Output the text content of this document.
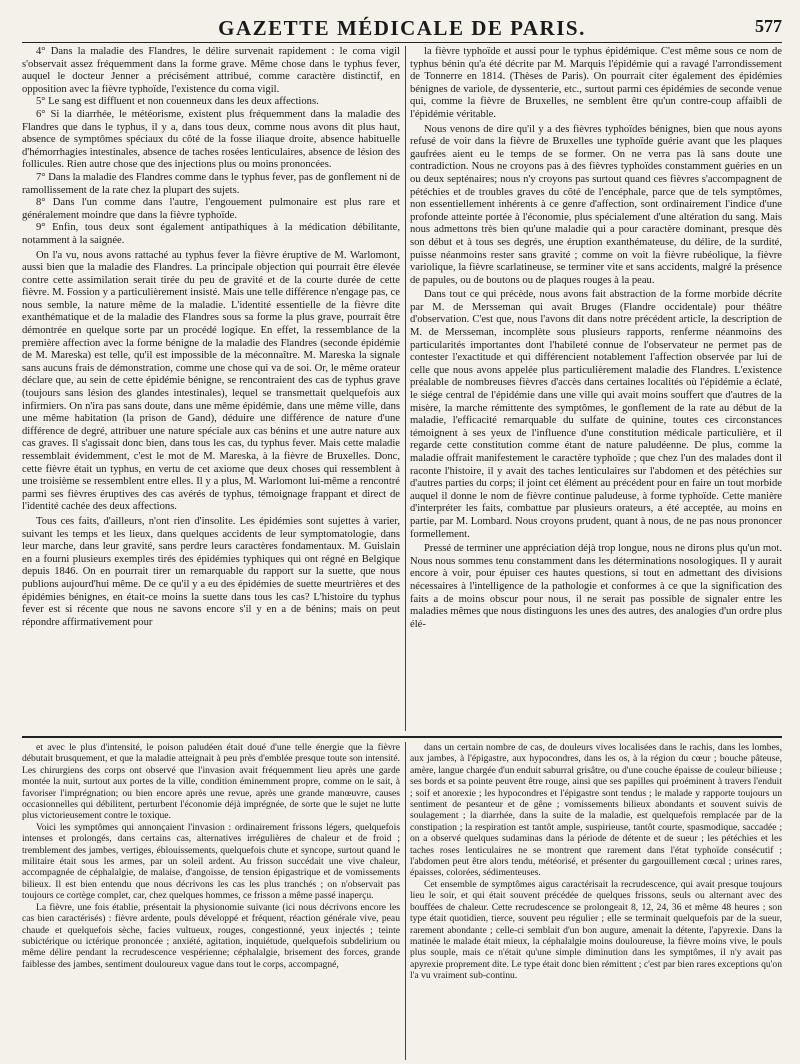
GAZETTE MÉDICALE DE PARIS.	577

4° Dans la maladie des Flandres, le délire survenait rapidement : le coma vigil s'observait assez fréquemment dans la forme grave. Même chose dans le typhus fever, auquel le docteur Jenner a précisément attribué, comme caractère distinctif, en opposition avec la fièvre typhoïde, l'existence du coma vigil.

5° Le sang est diffluent et non couenneux dans les deux affections.

6° Si la diarrhée, le météorisme, existent plus fréquemment dans la maladie des Flandres que dans le typhus, il y a, dans tous deux, comme nous avons dit plus haut, absence de symptômes spéciaux du côté de la fosse iliaque droite, absence habituelle d'hémorrhagies intestinales, absence de taches rosées lenticulaires, absence de lésion des follicules. Rien autre chose que des injections plus ou moins prononcées.

7° Dans la maladie des Flandres comme dans le typhus fever, pas de gonflement ni de ramollissement de la rate chez la plupart des sujets.

8° Dans l'un comme dans l'autre, l'engouement pulmonaire est plus rare et généralement moindre que dans la fièvre typhoïde.

9° Enfin, tous deux sont également antipathiques à la médication débilitante, notamment à la saignée.

On l'a vu, nous avons rattaché au typhus fever la fièvre éruptive de M. Warlomont, aussi bien que la maladie des Flandres. La principale objection qui pourrait être élevée contre cette assimilation serait tirée du peu de gravité et de la courte durée de cette fièvre. M. Fossion y a particulièrement insisté. Mais une telle différence n'engage pas, ce nous semble, la nature même de la maladie. L'identité essentielle de la fièvre dite exanthématique et de la maladie des Flandres sous sa forme la plus grave, pourrait être démontrée en quelque sorte par un procédé logique. En effet, la ressemblance de la première affection avec la forme bénigne de la maladie des Flandres (seconde épidémie de M. Mareska) est telle, qu'il est impossible de la méconnaître. M. Mareska la signale sans aucuns frais de démonstration, comme une chose qui va de soi. Or, le même orateur déclare que, au sein de cette épidémie bénigne, se rencontraient des cas de typhus grave (toujours sans lésion des glandes intestinales), lequel se transmettait quelquefois aux infirmiers. On n'ira pas sans doute, dans une même épidémie, dans une même ville, dans une même habitation (la prison de Gand), déduire une différence de nature d'une différence de degré, attribuer une nature spéciale aux cas bénins et une autre nature aux cas graves. Il s'agissait donc bien, dans tous les cas, du typhus fever. Mais cette maladie ressemblait évidemment, c'est le mot de M. Mareska, à la fièvre de Bruxelles. Donc, cette fièvre était un typhus, en vertu de cet axiome que deux choses qui ressemblent à une troisième se ressemblent entre elles. Il y a plus, M. Warlomont lui-même a rencontré parmi ses fièvres éruptives des cas avérés de typhus, témoignage frappant et direct de l'identité cachée des deux affections.

Tous ces faits, d'ailleurs, n'ont rien d'insolite. Les épidémies sont sujettes à varier, suivant les temps et les lieux, dans quelques accidents de leur symptomatologie, dans leur marche, dans leur gravité, sans perdre leurs caractères fondamentaux. M. Guislain en a fourni plusieurs exemples tirés des épidémies typhiques qui ont régné en Belgique depuis 1846. On en pourrait tirer un remarquable du rapport sur la suette, que nous publions aujourd'hui même. De ce qu'il y a eu des épidémies de suette meurtrières et des épidémies bénignes, en était-ce moins la suette dans tous les cas? L'histoire du typhus fever est si récente que nous ne savons encore s'il y en a de bénins; mais on peut répondre affirmativement pour

la fièvre typhoïde et aussi pour le typhus épidémique. C'est même sous ce nom de typhus bénin qu'a été décrite par M. Marquis l'épidémie qui a ravagé l'arrondissement de Tonnerre en 1814. (Thèses de Paris). On pourrait citer également des épidémies bénignes de variole, de dyssenterie, etc., surtout parmi ces épidémies de seconde venue qui, comme la fièvre de Bruxelles, ne semblent être qu'un contre-coup affaibli de l'épidémie véritable.

Nous venons de dire qu'il y a des fièvres typhoïdes bénignes, bien que nous ayons refusé de voir dans la fièvre de Bruxelles une typhoïde guérie avant que les plaques gaufrées aient eu le temps de se former. On ne verra pas là sans doute une contradiction. Nous ne croyons pas à des fièvres typhoïdes constamment guéries en un ou deux septénaires; nous n'y croyons pas surtout quand ces fièvres s'accompagnent de pétéchies et de troubles graves du côté de l'encéphale, parce que de tels symptômes, non essentiellement inhérents à ce genre d'affection, sont ordinairement l'indice d'une profonde atteinte portée à l'économie, plus spécialement d'une altération du sang. Mais nous admettons très bien qu'une maladie qui a pour caractère dominant, presque dès son début et à tous ses degrés, une éruption exanthémateuse, du délire, de la surdité, puisse néanmoins rester sans gravité ; comme on voit la fièvre rubéolique, la fièvre variolique, la fièvre scarlatineuse, se terminer vite et sans accidents, malgré la présence de papules, ou de boutons ou de plaques rouges à la peau.

Dans tout ce qui précède, nous avons fait abstraction de la forme morbide décrite par M. de Mersseman qui avait Bruges (Flandre occidentale) pour théâtre d'observation. C'est que, nous l'avons dit dans notre précédent article, la description de M. de Mersseman, incomplète sous plusieurs rapports, renferme néanmoins des particularités importantes dont l'habileté connue de l'observateur ne permet pas de contester l'exactitude et qui différencient notablement l'affection observée par lui de celle que nous avons appelée plus particulièrement maladie des Flandres. L'existence préalable de nombreuses fièvres d'accès dans certaines localités où l'épidémie a éclaté, le siége central de l'épidémie dans une ville qui avait moins souffert que d'autres de la misère, la marche rémittente des symptômes, le gonflement de la rate au début de la maladie, l'efficacité remarquable du sulfate de quinine, toutes ces circonstances témoignent à ses yeux de l'influence d'une constitution médicale particulière, et il regarde cette constitution comme étant de nature paludéenne. De plus, comme la maladie offrait manifestement le caractère typhoïde ; que chez l'un des malades dont il raconte l'histoire, il y avait des taches lenticulaires sur l'abdomen et des pétéchies sur d'autres parties du corps; il joint cet élément au précédent pour en faire un tout morbide auquel il donne le nom de fièvre continue paludeuse, à forme typhoïde. Cette manière d'interpréter les faits, combattue par plusieurs orateurs, a été acceptée, au moins en partie, par M. Lombard. Nous croyons prudent, quant à nous, de ne pas nous prononcer formellement.

Pressé de terminer une appréciation déjà trop longue, nous ne dirons plus qu'un mot. Nous nous sommes tenu constamment dans les déterminations nosologiques. Il y aurait encore à voir, pour épuiser ces hautes questions, si tout en admettant des divisions nécessaires à l'intelligence de la pathologie et conformes à ce que la signification des faits a de moins obscur pour nous, il ne serait pas possible de signaler entre les maladies mêmes que nous distinguons les unes des autres, des analogies d'un ordre plus élé-

et avec le plus d'intensité, le poison paludéen était doué d'une telle énergie que la fièvre débutait brusquement, et que la maladie atteignait à peu près d'emblée presque toute son intensité. Les chirurgiens des corps ont observé que l'invasion avait fréquemment lieu après une garde montée la nuit, surtout aux portes de la ville, condition éminemment propre, comme on le sait, à favoriser l'imprégnation; ou bien encore après une revue, après une grande manœuvre, causes occasionnelles qui débilitent, perturbent l'économie déjà imprégnée, de sorte que le sujet ne lutte plus victorieusement contre le toxique.

Voici les symptômes qui annonçaient l'invasion : ordinairement frissons légers, quelquefois intenses et prolongés, dans certains cas, alternatives irrégulières de chaleur et de froid ; tremblement des jambes, vertiges, éblouissements, quelquefois chute et syncope, surtout quand le militaire était sous les armes, par un soleil ardent. Au frisson succédait une vive chaleur, accompagnée de céphalalgie, de malaise, d'angoisse, de tension épigastrique et de vomissements bilieux. Il est bien entendu que nous décrivons les cas les plus tranchés ; on n'observait pas toujours ce cortège complet, car, chez quelques hommes, ce frisson a même passé inaperçu.

La fièvre, une fois établie, présentait la physionomie suivante (ici nous décrivons encore les cas bien caractérisés) : fièvre ardente, pouls développé et fréquent, réaction générale vive, peau chaude et quelquefois sèche, facies vultueux, rouges, congestionné, yeux injectés ; teinte subictérique ou ictérique prononcée ; anxiété, agitation, inquiétude, quelquefois subdelirium ou même délire pendant la recrudescence vespérienne; céphalalgie, brisement des forces, grande faiblesse des jambes, sentiment douloureux vague dans tout le corps, accompagné,

dans un certain nombre de cas, de douleurs vives localisées dans le rachis, dans les lombes, aux jambes, à l'épigastre, aux hypocondres, dans les os, à la région du cœur ; bouche pâteuse, amère, langue chargée d'un enduit saburral grisâtre, ou d'une couche épaisse de couleur bilieuse ; ses bords et sa pointe peuvent être rouge, ainsi que ses papilles qui proéminent à travers l'enduit ; soif et anorexie ; les hypocondres et l'épigastre sont tendus ; le malade y rapporte toujours un sentiment de pesanteur et de gêne ; vomissements bilieux abondants et souvent suivis de soulagement ; la diarrhée, dans la suite de la maladie, est quelquefois remplacée par de la constipation ; la respiration est tantôt ample, suspirieuse, tantôt courte, spasmodique, saccadée ; on a observé quelques sudaminas dans la période de détente et de sueur ; les pétéchies et les taches roses lenticulaires ne se montrent que rarement dans l'état typhoïde consécutif ; l'abdomen peut être alors tendu, météorisé, et présenter du gargouillement cœcal ; urines rares, épaisses, colorées, sédimenteuses.

Cet ensemble de symptômes aigus caractérisait la recrudescence, qui avait presque toujours lieu le soir, et qui était souvent précédée de quelques frissons, seuls ou alternant avec des bouffées de chaleur. Cette recrudescence se prolongeait 8, 12, 24, 36 et même 48 heures ; son type était quotidien, tierce, souvent peu régulier ; elle se terminait quelquefois par de la sueur, rarement abondante ; celle-ci semblait d'un bon augure, amenait la détente, l'apyrexie. Dans la matinée le malade était mieux, la céphalalgie moins douloureuse, la fièvre moins vive, le pouls plus souple, mais ce n'était qu'une simple diminution dans les symptômes, il n'y avait pas apyrexie proprement dite. Le type était donc bien rémittent ; c'est par bien rares exceptions qu'on l'a vu vraiment sub-continu.
